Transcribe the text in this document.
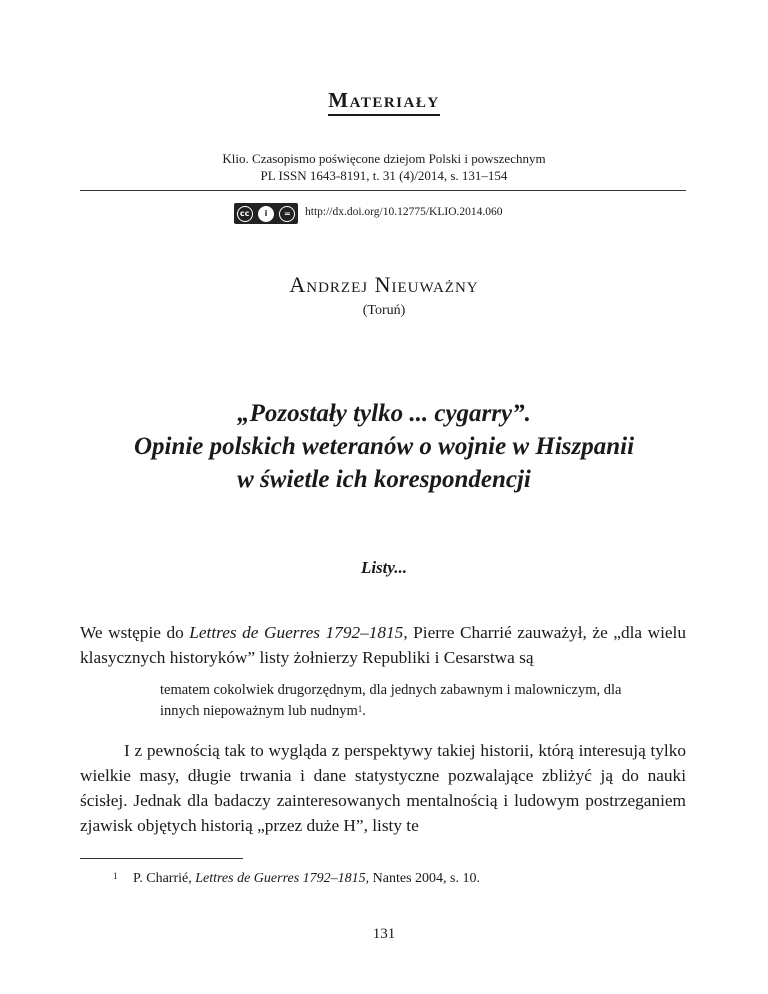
Materiały
Klio. Czasopismo poświęcone dziejom Polski i powszechnym
PL ISSN 1643-8191, t. 31 (4)/2014, s. 131–154
cc	i	=	http://dx.doi.org/10.12775/KLIO.2014.060
Andrzej Nieuważny
(Toruń)
„Pozostały tylko ... cygarry”.
Opinie polskich weteranów o wojnie w Hiszpanii
w świetle ich korespondencji
Listy...
We wstępie do Lettres de Guerres 1792–1815, Pierre Charrié zauważył, że „dla wielu klasycznych historyków” listy żołnierzy Republiki i Cesarstwa są
tematem cokolwiek drugorzędnym, dla jednych zabawnym i malowniczym, dla innych niepoważnym lub nudnym$^1$.
I z pewnością tak to wygląda z perspektywy takiej historii, którą interesują tylko wielkie masy, długie trwania i dane statystyczne pozwalające zbliżyć ją do nauki ścisłej. Jednak dla badaczy zainteresowanych mentalnością i ludowym postrzeganiem zjawisk objętych historią „przez duże H”, listy te
1 P. Charrié, Lettres de Guerres 1792–1815, Nantes 2004, s. 10.
131
